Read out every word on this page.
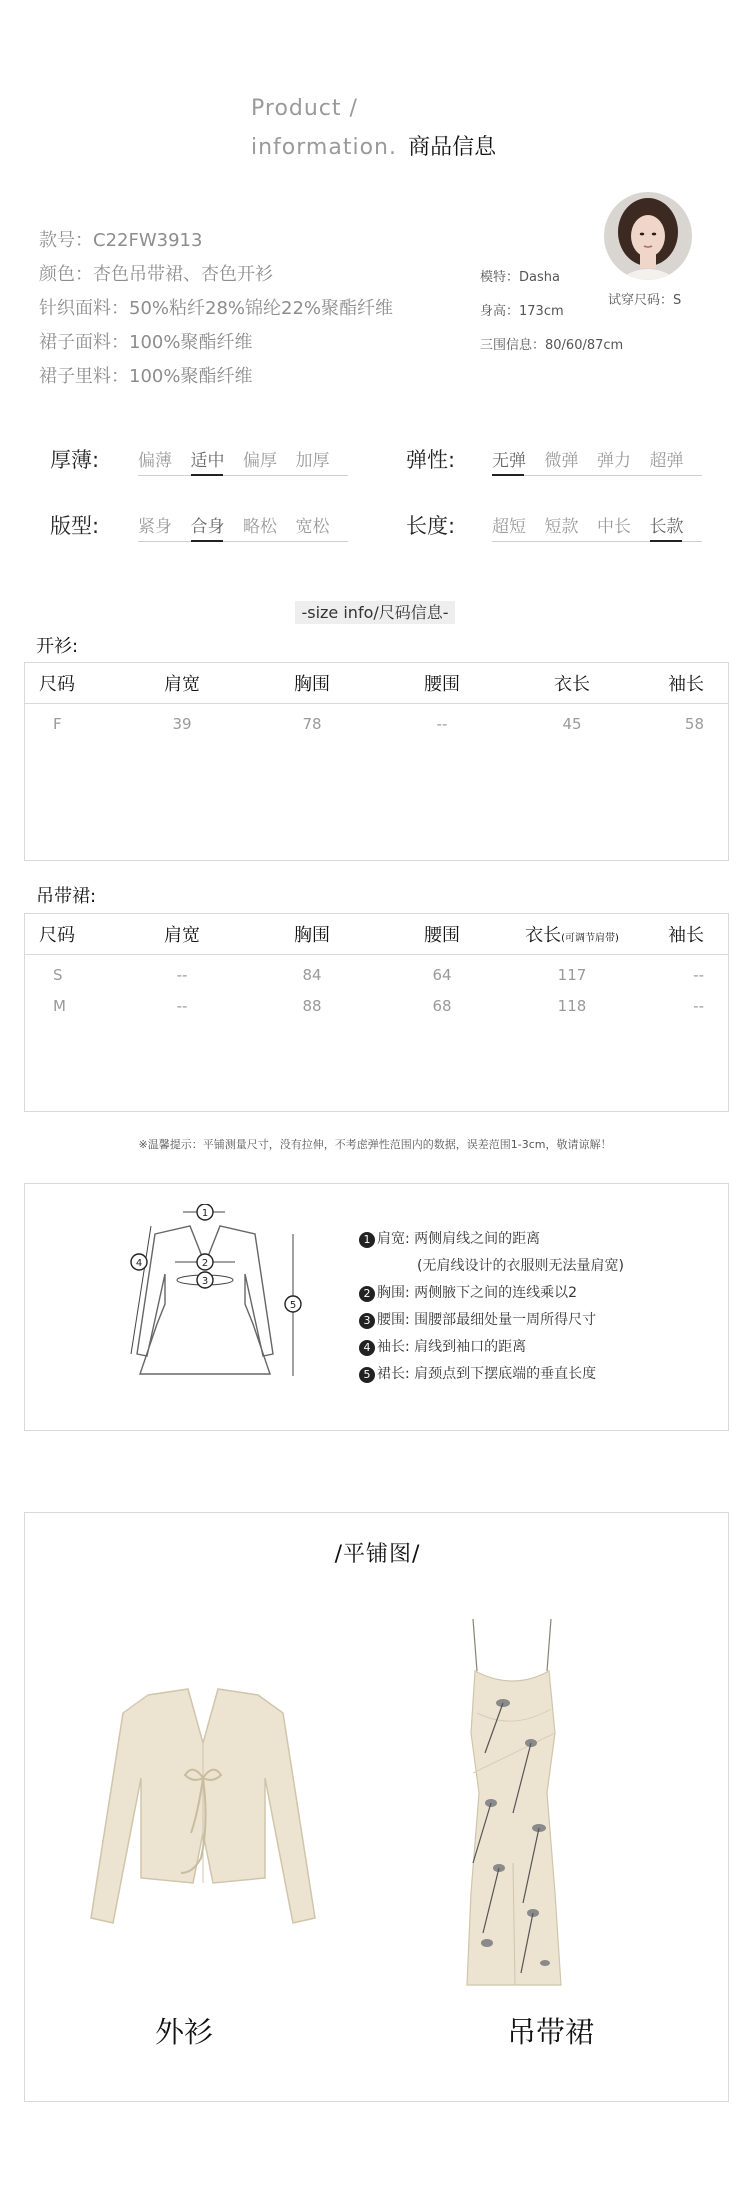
Product /
information. 商品信息
款号：C22FW3913
颜色：杏色吊带裙、杏色开衫
针织面料：50%粘纤28%锦纶22%聚酯纤维
裙子面料：100%聚酯纤维
裙子里料：100%聚酯纤维
模特：Dasha
试穿尺码：S
身高：173cm
三围信息：80/60/87cm
厚薄: 偏薄	适中	偏厚	加厚	弹性: 无弹	微弹	弹力	超弹
版型: 紧身	合身	略松	宽松	长度: 超短	短款	中长	长款
-size info/尺码信息-
开衫:
尺码	肩宽	胸围	腰围	衣长	袖长
F	39	78	--	45	58
吊带裙:
尺码	肩宽	胸围	腰围	衣长(可调节肩带)	袖长
S	--	84	64	117	--
M	--	88	68	118	--
※温馨提示：平铺测量尺寸，没有拉伸，不考虑弹性范围内的数据，误差范围1-3cm，敬请谅解！
1
2
3
4
5
1 肩宽: 两侧肩线之间的距离
(无肩线设计的衣服则无法量肩宽)
2 胸围: 两侧腋下之间的连线乘以2
3 腰围: 围腰部最细处量一周所得尺寸
4 袖长: 肩线到袖口的距离
5 裙长: 肩颈点到下摆底端的垂直长度
/平铺图/
外衫	吊带裙
